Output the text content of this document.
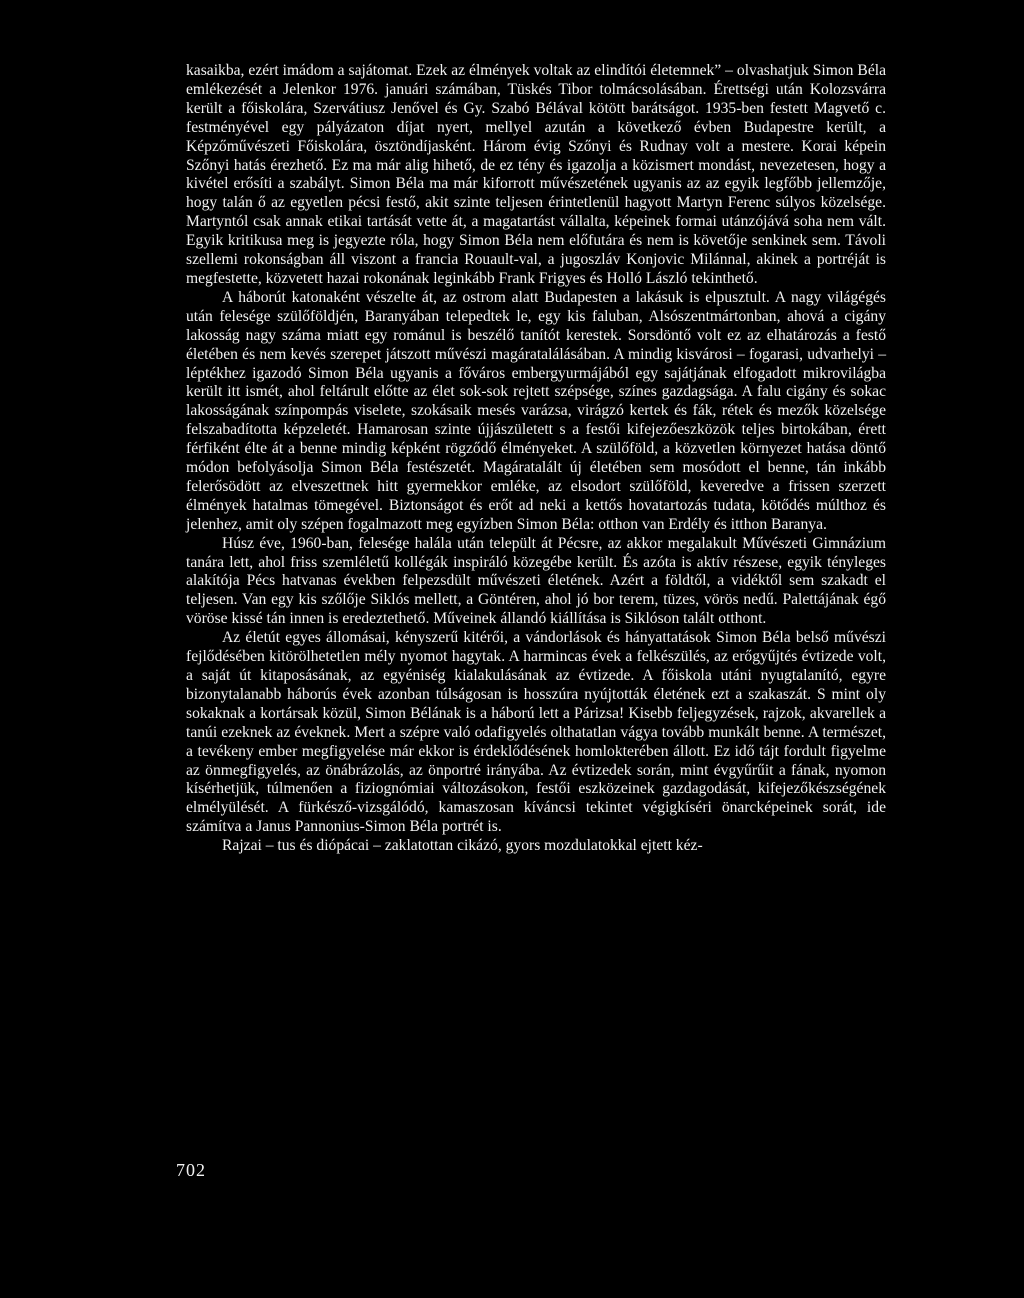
kasaikba, ezért imádom a sajátomat. Ezek az élmények voltak az elindítói életemnek” – olvashatjuk Simon Béla emlékezését a Jelenkor 1976. januári számában, Tüskés Tibor tolmácsolásában. Érettségi után Kolozsvárra került a főiskolára, Szervátiusz Jenővel és Gy. Szabó Bélával kötött barátságot. 1935-ben festett Magvető c. festményével egy pályázaton díjat nyert, mellyel azután a következő évben Budapestre került, a Képzőművészeti Főiskolára, ösztöndíjasként. Három évig Szőnyi és Rudnay volt a mestere. Korai képein Szőnyi hatás érezhető. Ez ma már alig hihető, de ez tény és igazolja a közismert mondást, nevezetesen, hogy a kivétel erősíti a szabályt. Simon Béla ma már kiforrott művészetének ugyanis az az egyik legfőbb jellemzője, hogy talán ő az egyetlen pécsi festő, akit szinte teljesen érintetlenül hagyott Martyn Ferenc súlyos közelsége. Martyntól csak annak etikai tartását vette át, a magatartást vállalta, képeinek formai utánzójává soha nem vált. Egyik kritikusa meg is jegyezte róla, hogy Simon Béla nem előfutára és nem is követője senkinek sem. Távoli szellemi rokonságban áll viszont a francia Rouault-val, a jugoszláv Konjovic Milánnal, akinek a portréját is megfestette, közvetett hazai rokonának leginkább Frank Frigyes és Holló László tekinthető.

A háborút katonaként vészelte át, az ostrom alatt Budapesten a lakásuk is elpusztult. A nagy világégés után felesége szülőföldjén, Baranyában telepedtek le, egy kis faluban, Alsószentmártonban, ahová a cigány lakosság nagy száma miatt egy románul is beszélő tanítót kerestek. Sorsdöntő volt ez az elhatározás a festő életében és nem kevés szerepet játszott művészi magáratalálásában. A mindig kisvárosi – fogarasi, udvarhelyi – léptékhez igazodó Simon Béla ugyanis a főváros embergyurmájából egy sajátjának elfogadott mikrovilágba került itt ismét, ahol feltárult előtte az élet sok-sok rejtett szépsége, színes gazdagsága. A falu cigány és sokac lakosságának színpompás viselete, szokásaik mesés varázsa, virágzó kertek és fák, rétek és mezők közelsége felszabadította képzeletét. Hamarosan szinte újjászületett s a festői kifejezőeszközök teljes birtokában, érett férfiként élte át a benne mindig képként rögződő élményeket. A szülőföld, a közvetlen környezet hatása döntő módon befolyásolja Simon Béla festészetét. Magáratalált új életében sem mosódott el benne, tán inkább felerősödött az elveszettnek hitt gyermekkor emléke, az elsodort szülőföld, keveredve a frissen szerzett élmények hatalmas tömegével. Biztonságot és erőt ad neki a kettős hovatartozás tudata, kötődés múlthoz és jelenhez, amit oly szépen fogalmazott meg egyízben Simon Béla: otthon van Erdély és itthon Baranya.

Húsz éve, 1960-ban, felesége halála után települt át Pécsre, az akkor megalakult Művészeti Gimnázium tanára lett, ahol friss szemléletű kollégák inspiráló közegébe került. És azóta is aktív részese, egyik tényleges alakítója Pécs hatvanas években felpezsdült művészeti életének. Azért a földtől, a vidéktől sem szakadt el teljesen. Van egy kis szőlője Siklós mellett, a Göntéren, ahol jó bor terem, tüzes, vörös nedű. Palettájának égő vöröse kissé tán innen is eredeztethető. Műveinek állandó kiállítása is Siklóson talált otthont.

Az életút egyes állomásai, kényszerű kitérői, a vándorlások és hányattatások Simon Béla belső művészi fejlődésében kitörölhetetlen mély nyomot hagytak. A harmincas évek a felkészülés, az erőgyűjtés évtizede volt, a saját út kitaposásának, az egyéniség kialakulásának az évtizede. A főiskola utáni nyugtalanító, egyre bizonytalanabb háborús évek azonban túlságosan is hosszúra nyújtották életének ezt a szakaszát. S mint oly sokaknak a kortársak közül, Simon Bélának is a háború lett a Párizsa! Kisebb feljegyzések, rajzok, akvarellek a tanúi ezeknek az éveknek. Mert a szépre való odafigyelés olthatatlan vágya tovább munkált benne. A természet, a tevékeny ember megfigyelése már ekkor is érdeklődésének homlokterében állott. Ez idő tájt fordult figyelme az önmegfigyelés, az önábrázolás, az önportré irányába. Az évtizedek során, mint évgyűrűit a fának, nyomon kísérhetjük, túlmenően a fiziognómiai változásokon, festői eszközeinek gazdagodását, kifejezőkészségének elmélyülését. A fürkésző-vizsgálódó, kamaszosan kíváncsi tekintet végigkíséri önarcképeinek sorát, ide számítva a Janus Pannonius-Simon Béla portrét is.

Rajzai – tus és diópácai – zaklatottan cikázó, gyors mozdulatokkal ejtett kéz-

702
